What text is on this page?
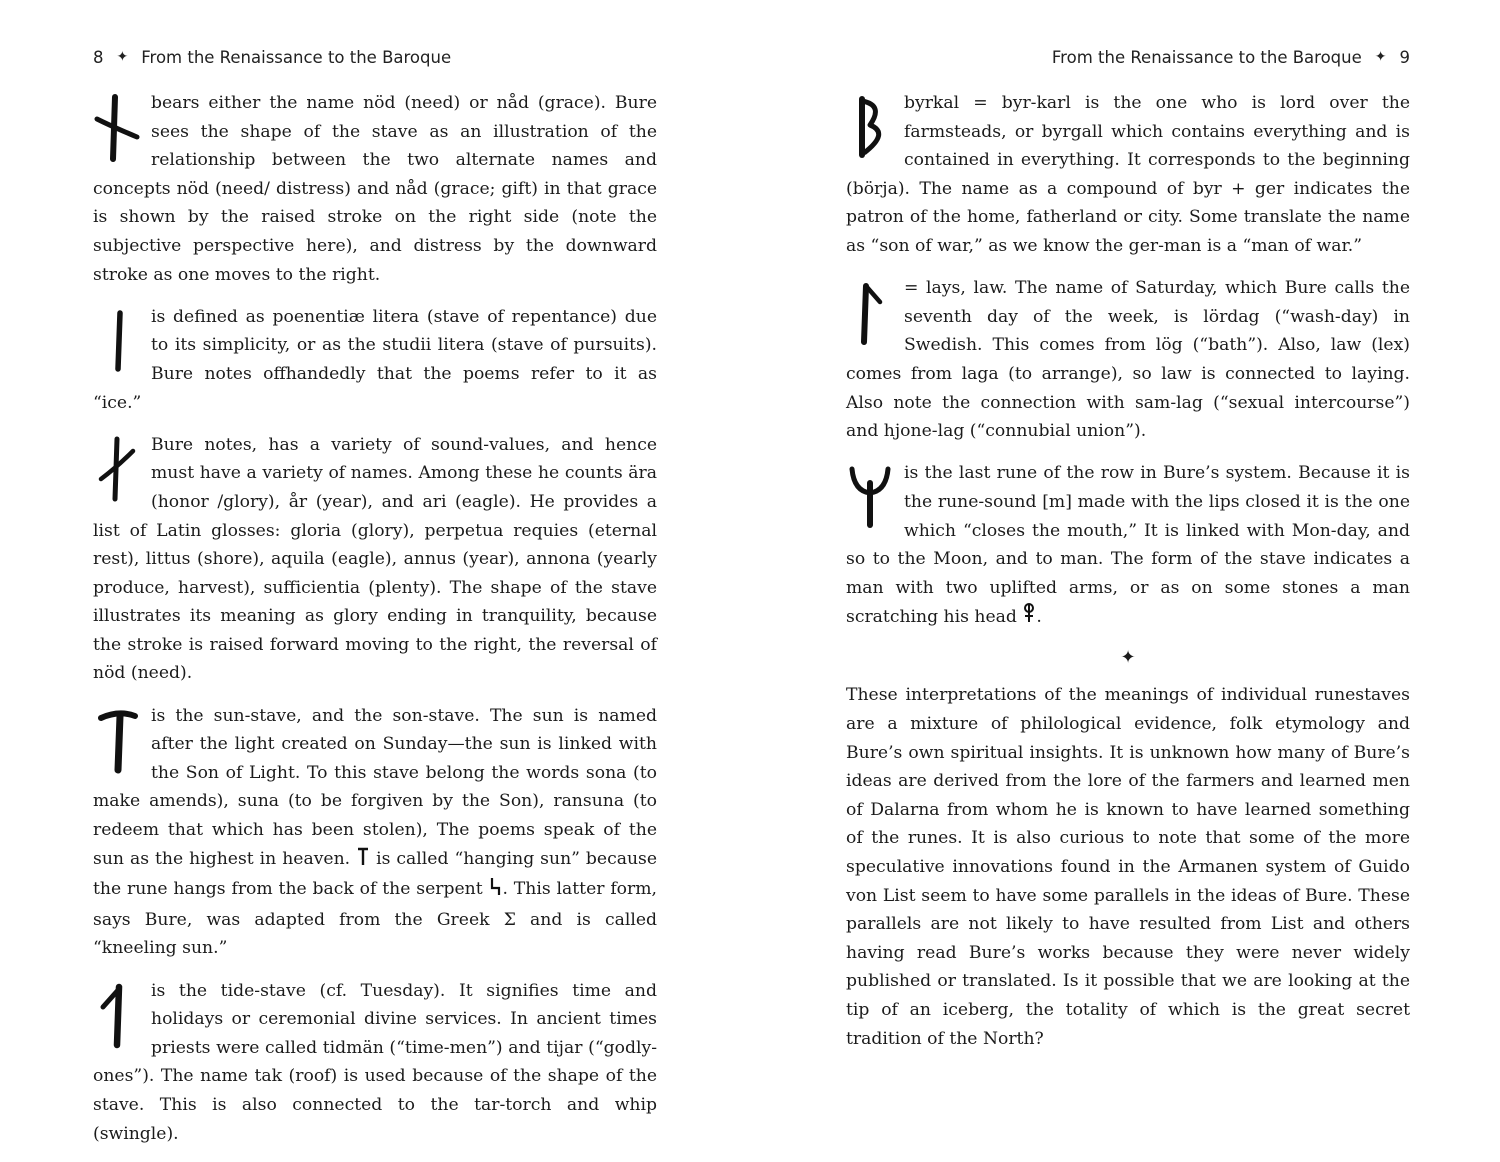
8 ✦ From the Renaissance to the Baroque

bears either the name nöd (need) or nåd (grace). Bure sees the shape of the stave as an illustration of the relationship between the two alternate names and concepts nöd (need/ distress) and nåd (grace; gift) in that grace is shown by the raised stroke on the right side (note the subjective perspective here), and distress by the downward stroke as one moves to the right.

is defined as poenentiæ litera (stave of repentance) due to its simplicity, or as the studii litera (stave of pursuits). Bure notes offhandedly that the poems refer to it as “ice.”

Bure notes, has a variety of sound-values, and hence must have a variety of names. Among these he counts ära (honor /glory), år (year), and ari (eagle). He provides a list of Latin glosses: gloria (glory), perpetua requies (eternal rest), littus (shore), aquila (eagle), annus (year), annona (yearly produce, harvest), sufficientia (plenty). The shape of the stave illustrates its meaning as glory ending in tranquility, because the stroke is raised forward moving to the right, the reversal of nöd (need).

is the sun-stave, and the son-stave. The sun is named after the light created on Sunday—the sun is linked with the Son of Light. To this stave belong the words sona (to make amends), suna (to be forgiven by the Son), ransuna (to redeem that which has been stolen), The poems speak of the sun as the highest in heaven. is called “hanging sun” because the rune hangs from the back of the serpent . This latter form, says Bure, was adapted from the Greek Σ and is called “kneeling sun.”

is the tide-stave (cf. Tuesday). It signifies time and holidays or ceremonial divine services. In ancient times priests were called tidmän (“time-men”) and tijar (“godly-ones”). The name tak (roof) is used because of the shape of the stave. This is also connected to the tar-torch and whip (swingle).

From the Renaissance to the Baroque ✦ 9

byrkal = byr-karl is the one who is lord over the farmsteads, or byrgall which contains everything and is contained in everything. It corresponds to the beginning (börja). The name as a compound of byr + ger indicates the patron of the home, fatherland or city. Some translate the name as “son of war,” as we know the ger-man is a “man of war.”

= lays, law. The name of Saturday, which Bure calls the seventh day of the week, is lördag (“wash-day) in Swedish. This comes from lög (“bath”). Also, law (lex) comes from laga (to arrange), so law is connected to laying. Also note the connection with sam-lag (“sexual intercourse”) and hjone-lag (“connubial union”).

is the last rune of the row in Bure’s system. Because it is the rune-sound [m] made with the lips closed it is the one which “closes the mouth,” It is linked with Mon-day, and so to the Moon, and to man. The form of the stave indicates a man with two uplifted arms, or as on some stones a man scratching his head .

✦

These interpretations of the meanings of individual runestaves are a mixture of philological evidence, folk etymology and Bure’s own spiritual insights. It is unknown how many of Bure’s ideas are derived from the lore of the farmers and learned men of Dalarna from whom he is known to have learned something of the runes. It is also curious to note that some of the more speculative innovations found in the Armanen system of Guido von List seem to have some parallels in the ideas of Bure. These parallels are not likely to have resulted from List and others having read Bure’s works because they were never widely published or translated. Is it possible that we are looking at the tip of an iceberg, the totality of which is the great secret tradition of the North?
